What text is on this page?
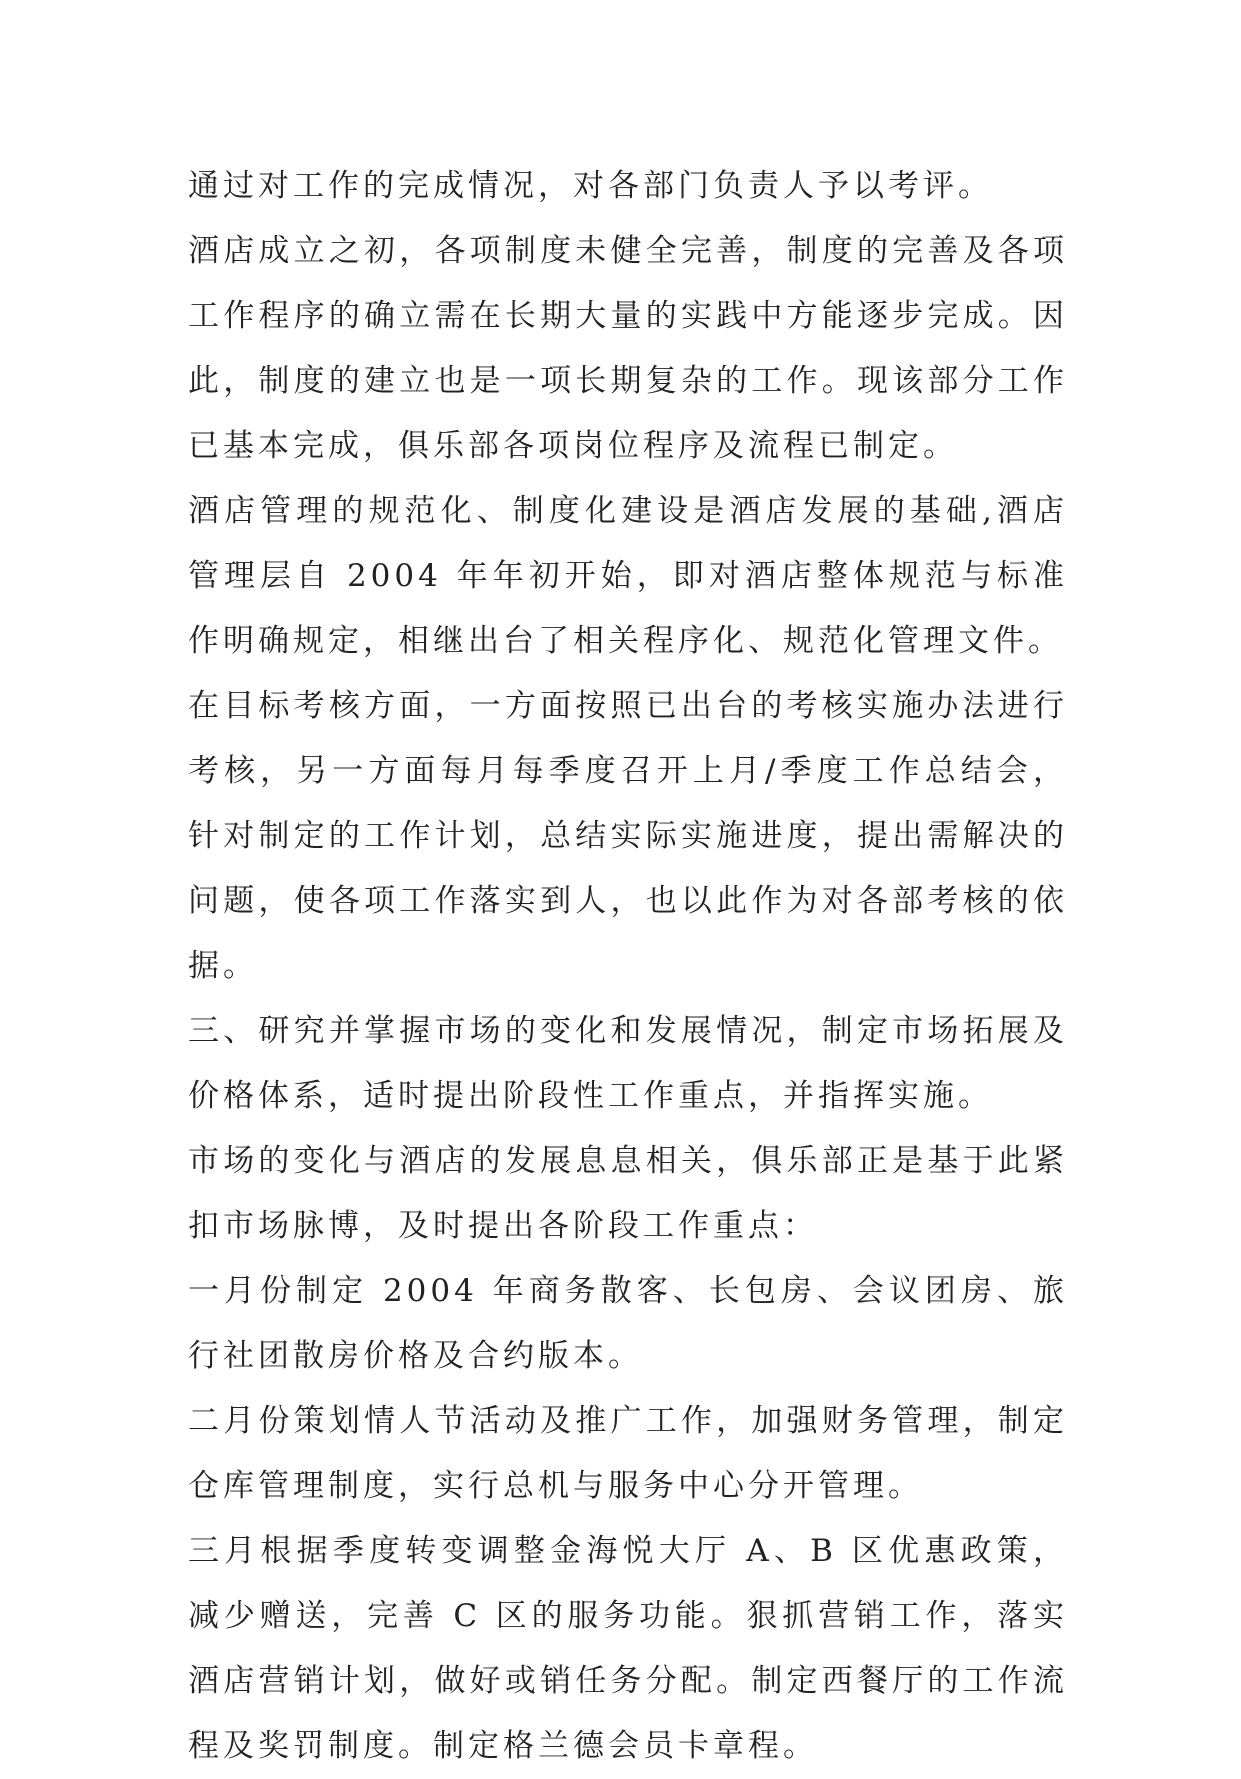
通过对工作的完成情况，对各部门负责人予以考评。

酒店成立之初，各项制度未健全完善，制度的完善及各项工作程序的确立需在长期大量的实践中方能逐步完成。因此，制度的建立也是一项长期复杂的工作。现该部分工作已基本完成，俱乐部各项岗位程序及流程已制定。

酒店管理的规范化、制度化建设是酒店发展的基础,酒店管理层自 2004 年年初开始，即对酒店整体规范与标准作明确规定，相继出台了相关程序化、规范化管理文件。

在目标考核方面，一方面按照已出台的考核实施办法进行考核，另一方面每月每季度召开上月/季度工作总结会，针对制定的工作计划，总结实际实施进度，提出需解决的问题，使各项工作落实到人，也以此作为对各部考核的依据。

三、研究并掌握市场的变化和发展情况，制定市场拓展及价格体系，适时提出阶段性工作重点，并指挥实施。

市场的变化与酒店的发展息息相关，俱乐部正是基于此紧扣市场脉博，及时提出各阶段工作重点：

一月份制定 2004 年商务散客、长包房、会议团房、旅行社团散房价格及合约版本。

二月份策划情人节活动及推广工作，加强财务管理，制定仓库管理制度，实行总机与服务中心分开管理。

三月根据季度转变调整金海悦大厅 A、B 区优惠政策，减少赠送，完善 C 区的服务功能。狠抓营销工作，落实酒店营销计划，做好或销任务分配。制定西餐厅的工作流程及奖罚制度。制定格兰德会员卡章程。
